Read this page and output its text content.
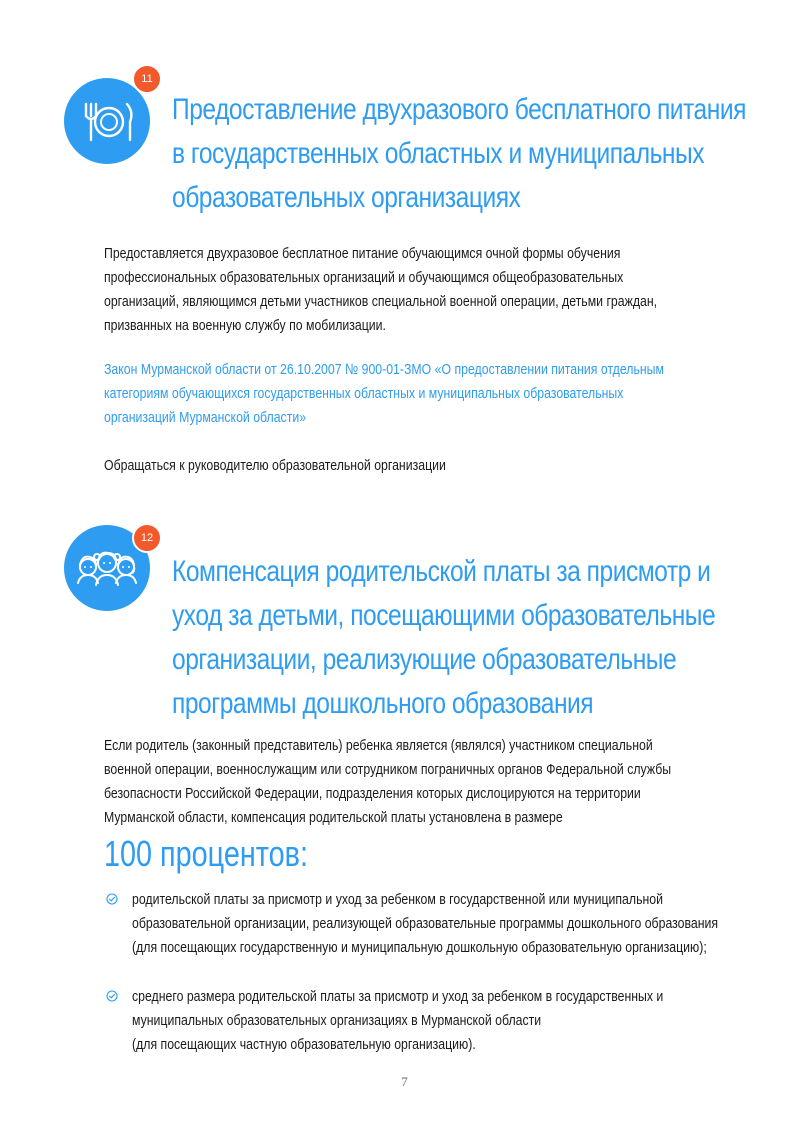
11
Предоставление двухразового бесплатного питания
в государственных областных и муниципальных
образовательных организациях
Предоставляется двухразовое бесплатное питание обучающимся очной формы обучения
профессиональных образовательных организаций и обучающимся общеобразовательных
организаций, являющимся детьми участников специальной военной операции, детьми граждан,
призванных на военную службу по мобилизации.
Закон Мурманской области от 26.10.2007 № 900-01-ЗМО «О предоставлении питания отдельным
категориям обучающихся государственных областных и муниципальных образовательных
организаций Мурманской области»
Обращаться к руководителю образовательной организации
12
Компенсация родительской платы за присмотр и
уход за детьми, посещающими образовательные
организации, реализующие образовательные
программы дошкольного образования
Если родитель (законный представитель) ребенка является (являлся) участником специальной
военной операции, военнослужащим или сотрудником пограничных органов Федеральной службы
безопасности Российской Федерации, подразделения которых дислоцируются на территории
Мурманской области, компенсация родительской платы установлена в размере
100 процентов:
родительской платы за присмотр и уход за ребенком в государственной или муниципальной
образовательной организации, реализующей образовательные программы дошкольного образования
(для посещающих государственную и муниципальную дошкольную образовательную организацию);
среднего размера родительской платы за присмотр и уход за ребенком в государственных и
муниципальных образовательных организациях в Мурманской области
(для посещающих частную образовательную организацию).
7
